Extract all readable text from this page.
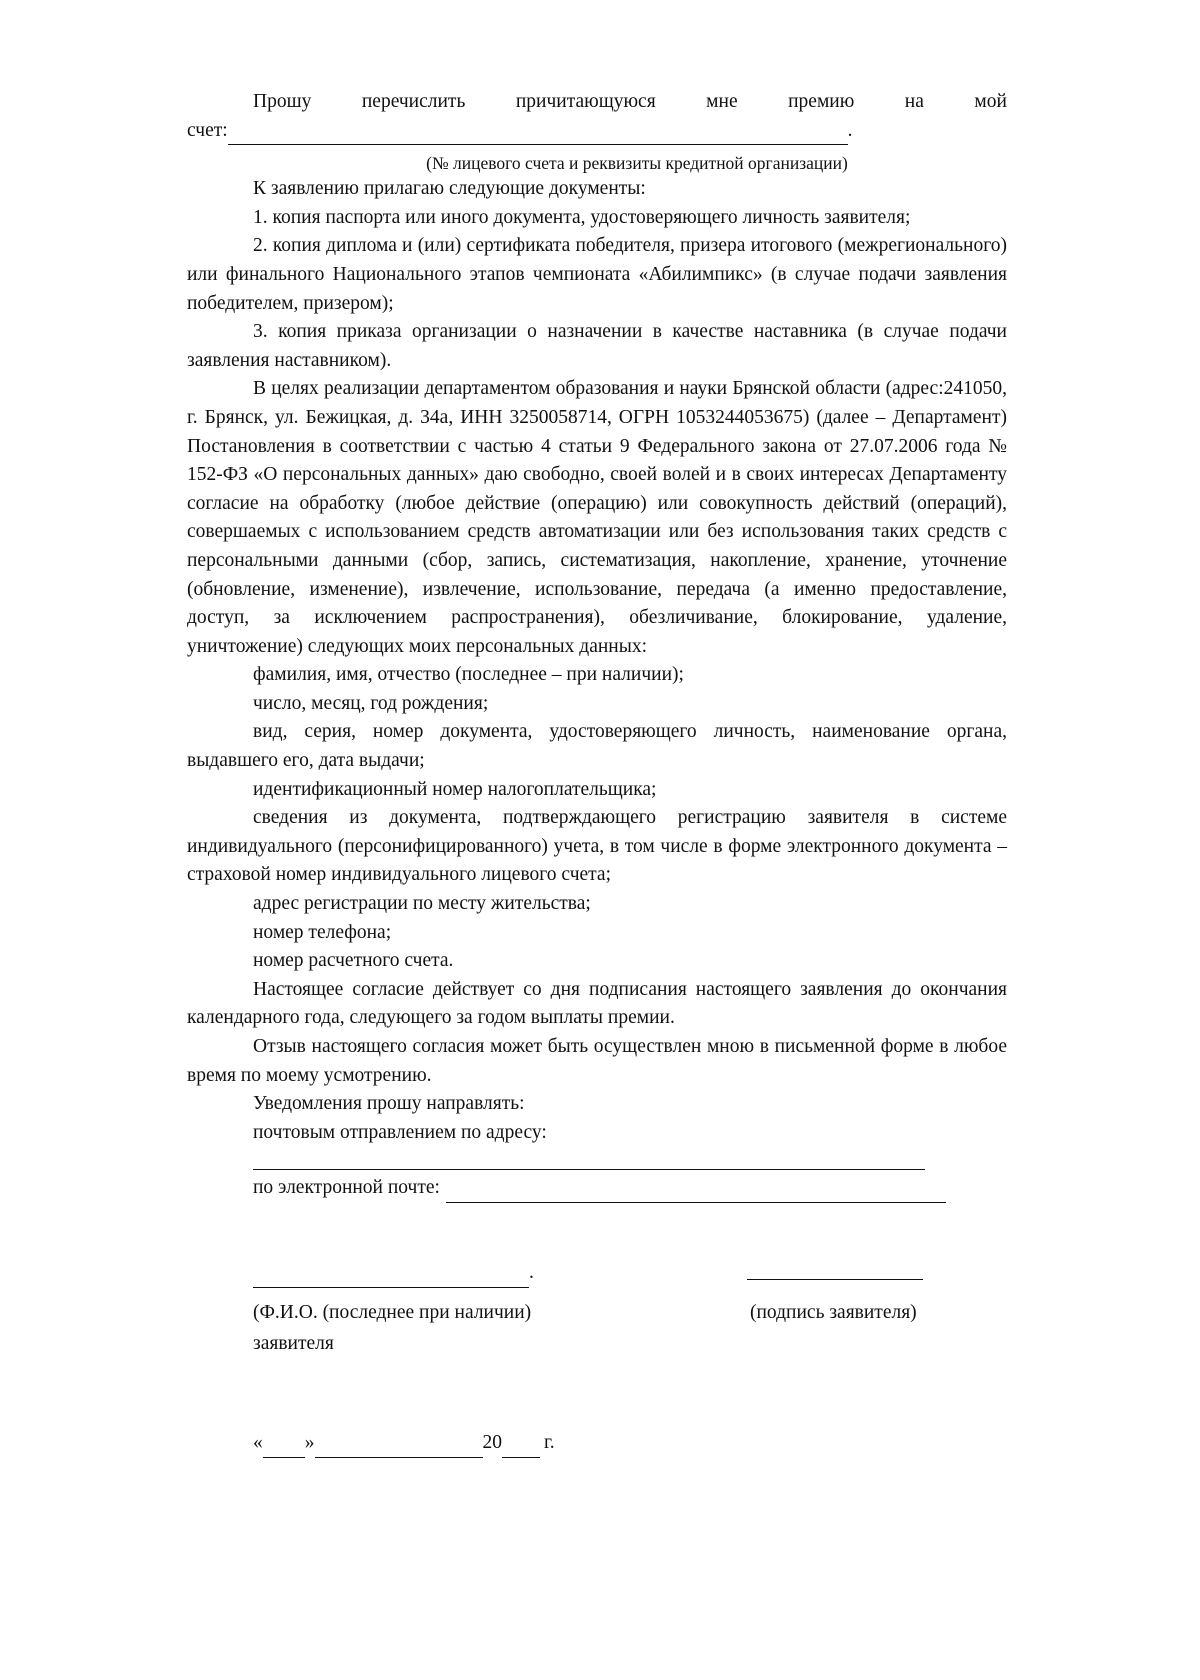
Прошу	перечислить	причитающуюся	мне	премию	на	мой
счет:	.
(№ лицевого счета и реквизиты кредитной организации)

К заявлению прилагаю следующие документы:

1. копия паспорта или иного документа, удостоверяющего личность заявителя;

2. копия диплома и (или) сертификата победителя, призера итогового (межрегионального) или финального Национального этапов чемпионата «Абилимпикс» (в случае подачи заявления победителем, призером);

3. копия приказа организации о назначении в качестве наставника (в случае подачи заявления наставником).

В целях реализации департаментом образования и науки Брянской области (адрес:241050, г. Брянск, ул. Бежицкая, д. 34а, ИНН 3250058714, ОГРН 1053244053675) (далее – Департамент) Постановления в соответствии с частью 4 статьи 9 Федерального закона от 27.07.2006 года № 152-ФЗ «О персональных данных» даю свободно, своей волей и в своих интересах Департаменту согласие на обработку (любое действие (операцию) или совокупность действий (операций), совершаемых с использованием средств автоматизации или без использования таких средств с персональными данными (сбор, запись, систематизация, накопление, хранение, уточнение (обновление, изменение), извлечение, использование, передача (а именно предоставление, доступ, за исключением распространения), обезличивание, блокирование, удаление, уничтожение) следующих моих персональных данных:

фамилия, имя, отчество (последнее – при наличии);

число, месяц, год рождения;

вид, серия, номер документа, удостоверяющего личность, наименование органа, выдавшего его, дата выдачи;

идентификационный номер налогоплательщика;

сведения из документа, подтверждающего регистрацию заявителя в системе индивидуального (персонифицированного) учета, в том числе в форме электронного документа – страховой номер индивидуального лицевого счета;

адрес регистрации по месту жительства;

номер телефона;

номер расчетного счета.

Настоящее согласие действует со дня подписания настоящего заявления до окончания календарного года, следующего за годом выплаты премии.

Отзыв настоящего согласия может быть осуществлен мною в письменной форме в любое время по моему усмотрению.

Уведомления прошу направлять:

почтовым отправлением по адресу:

по электронной почте:
.
(Ф.И.О. (последнее при наличии)
заявителя
(подпись заявителя)
« »	20 г.
